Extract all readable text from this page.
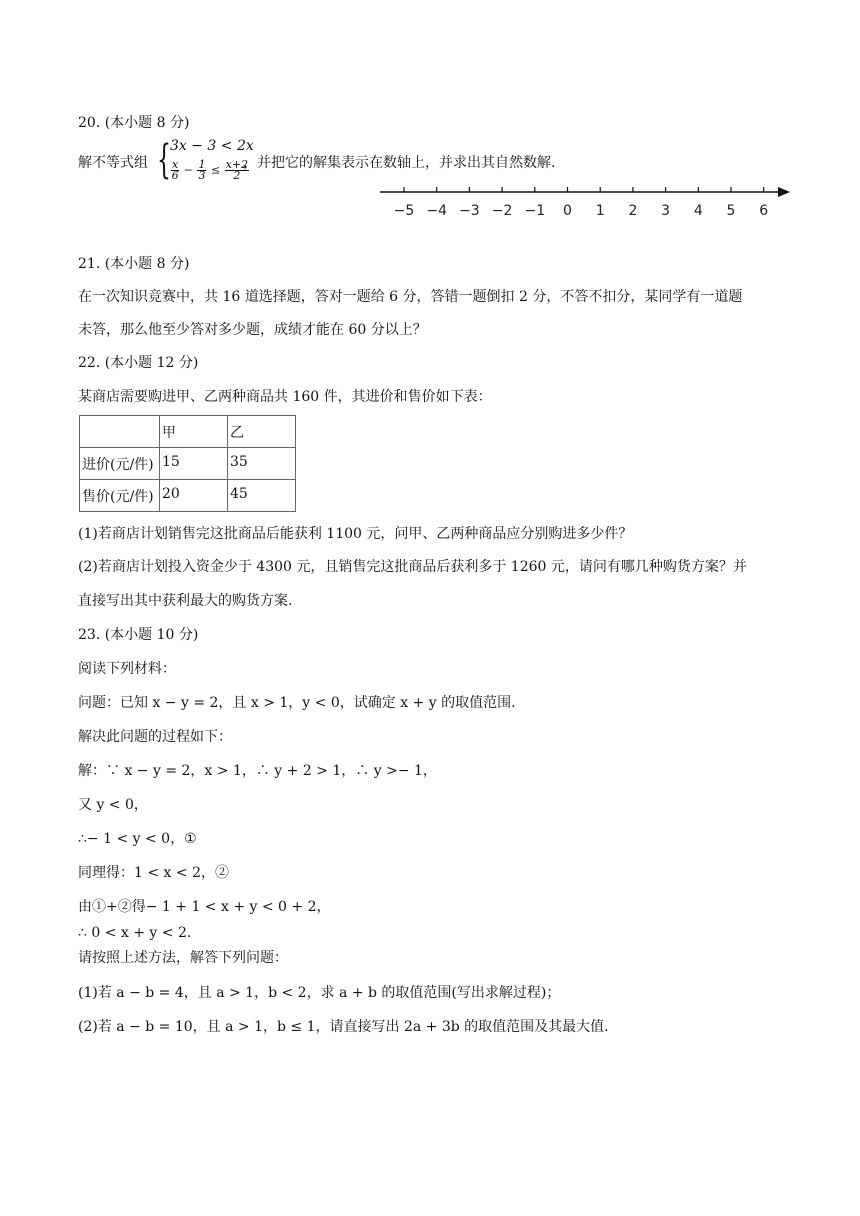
20. (本小题 8 分)
解不等式组 { 3x − 3 < 2x
$\frac{x}{6} - \frac{1}{3} \le \frac{x+2}{2}$
，并把它的解集表示在数轴上，并求出其自然数解.
−5 −4 −3 −2 −1 0 1 2 3 4 5 6
21. (本小题 8 分)
在一次知识竞赛中，共 16 道选择题，答对一题给 6 分，答错一题倒扣 2 分，不答不扣分，某同学有一道题
未答，那么他至少答对多少题，成绩才能在 60 分以上？
22. (本小题 12 分)
某商店需要购进甲、乙两种商品共 160 件，其进价和售价如下表：
	甲	乙
进价(元/件)	15	35
售价(元/件)	20	45
(1)若商店计划销售完这批商品后能获利 1100 元，问甲、乙两种商品应分别购进多少件？
(2)若商店计划投入资金少于 4300 元，且销售完这批商品后获利多于 1260 元，请问有哪几种购货方案？并
直接写出其中获利最大的购货方案.
23. (本小题 10 分)
阅读下列材料：
问题：已知 x − y = 2，且 x > 1，y < 0，试确定 x + y 的取值范围.
解决此问题的过程如下：
解：∵ x − y = 2，x > 1，∴ y + 2 > 1，∴ y >− 1，
又 y < 0，
∴− 1 < y < 0，①
同理得：1 < x < 2，②
由①+②得− 1 + 1 < x + y < 0 + 2，
∴ 0 < x + y < 2.
请按照上述方法，解答下列问题：
(1)若 a − b = 4，且 a > 1，b < 2，求 a + b 的取值范围(写出求解过程)；
(2)若 a − b = 10，且 a > 1，b ≤ 1，请直接写出 2a + 3b 的取值范围及其最大值.
